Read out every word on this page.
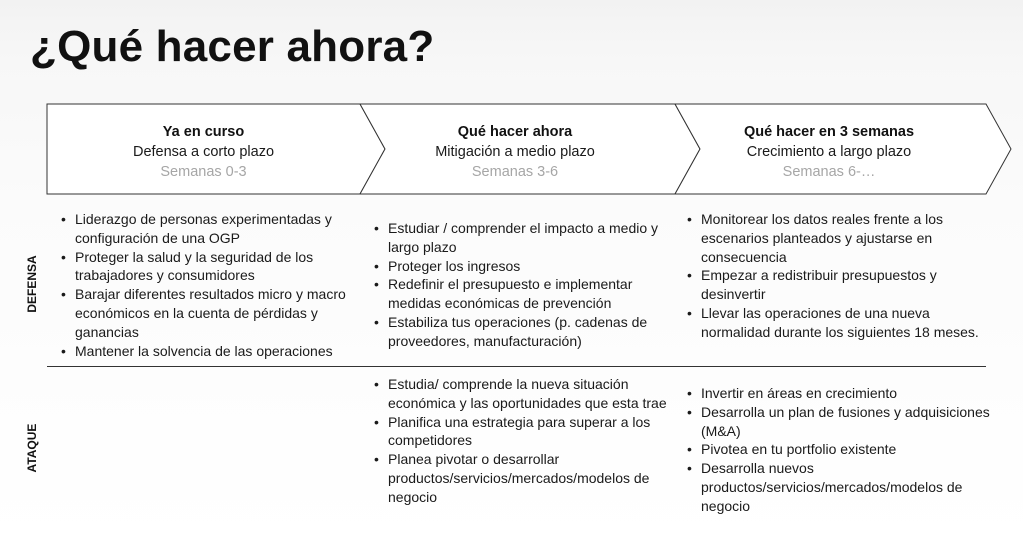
¿Qué hacer ahora?
Ya en curso
Defensa a corto plazo
Semanas 0-3
Qué hacer ahora
Mitigación a medio plazo
Semanas 3-6
Qué hacer en 3 semanas
Crecimiento a largo plazo
Semanas 6-…
DEFENSA
ATAQUE
• Liderazgo de personas experimentadas y configuración de una OGP
• Proteger la salud y la seguridad de los trabajadores y consumidores
• Barajar diferentes resultados micro y macro económicos en la cuenta de pérdidas y ganancias
• Mantener la solvencia de las operaciones
• Estudiar / comprender el impacto a medio y largo plazo
• Proteger los ingresos
• Redefinir el presupuesto e implementar medidas económicas de prevención
• Estabiliza tus operaciones (p. cadenas de proveedores, manufacturación)
• Monitorear los datos reales frente a los escenarios planteados y ajustarse en consecuencia
• Empezar a redistribuir presupuestos y desinvertir
• Llevar las operaciones de una nueva normalidad durante los siguientes 18 meses.
• Estudia/ comprende la nueva situación económica y las oportunidades que esta trae
• Planifica una estrategia para superar a los competidores
• Planea pivotar o desarrollar productos/servicios/mercados/modelos de negocio
• Invertir en áreas en crecimiento
• Desarrolla un plan de fusiones y adquisiciones (M&A)
• Pivotea en tu portfolio existente
• Desarrolla nuevos productos/servicios/mercados/modelos de negocio
